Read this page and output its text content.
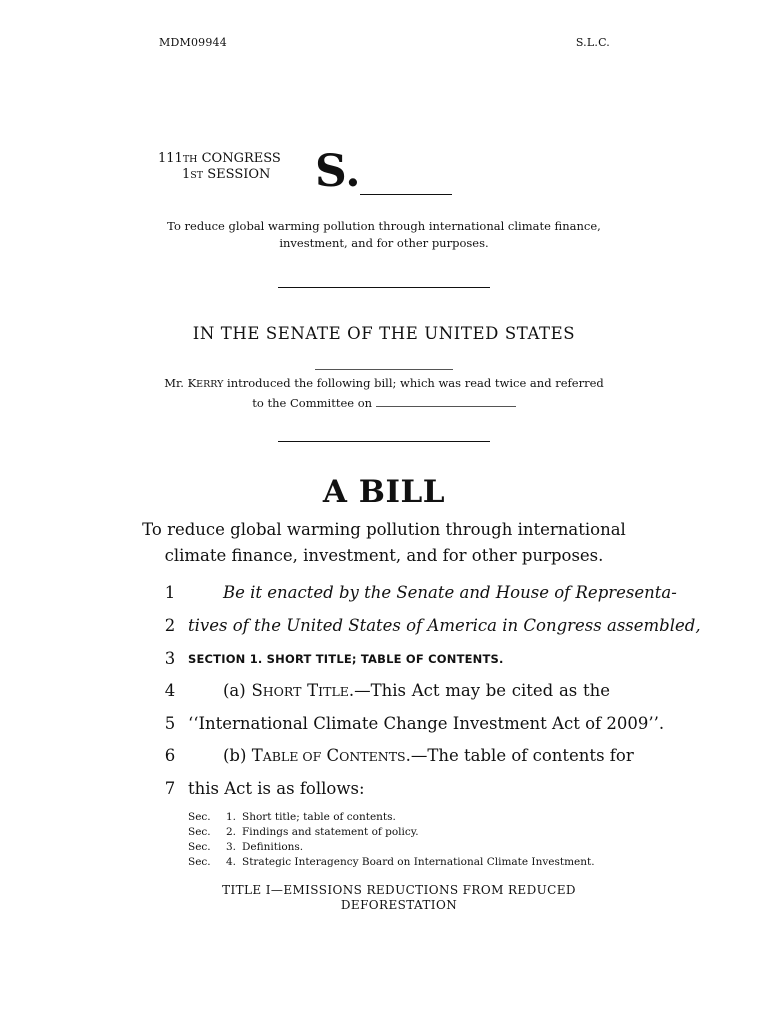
MDM09944	S.L.C.
111TH CONGRESS
1ST SESSION S.
To reduce global warming pollution through international climate finance,
investment, and for other purposes.
IN THE SENATE OF THE UNITED STATES
Mr. KERRY introduced the following bill; which was read twice and referred
to the Committee on
A BILL
To reduce global warming pollution through international
climate finance, investment, and for other purposes.
1	Be it enacted by the Senate and House of Representa-
2 tives of the United States of America in Congress assembled,
3	SECTION 1. SHORT TITLE; TABLE OF CONTENTS.
4	(a) SHORT TITLE.—This Act may be cited as the
5 ‘‘International Climate Change Investment Act of 2009’’.
6	(b) TABLE OF CONTENTS.—The table of contents for
7 this Act is as follows:
Sec.	1. Short title; table of contents.
Sec.	2. Findings and statement of policy.
Sec.	3. Definitions.
Sec.	4. Strategic Interagency Board on International Climate Investment.
TITLE I—EMISSIONS REDUCTIONS FROM REDUCED
DEFORESTATION
